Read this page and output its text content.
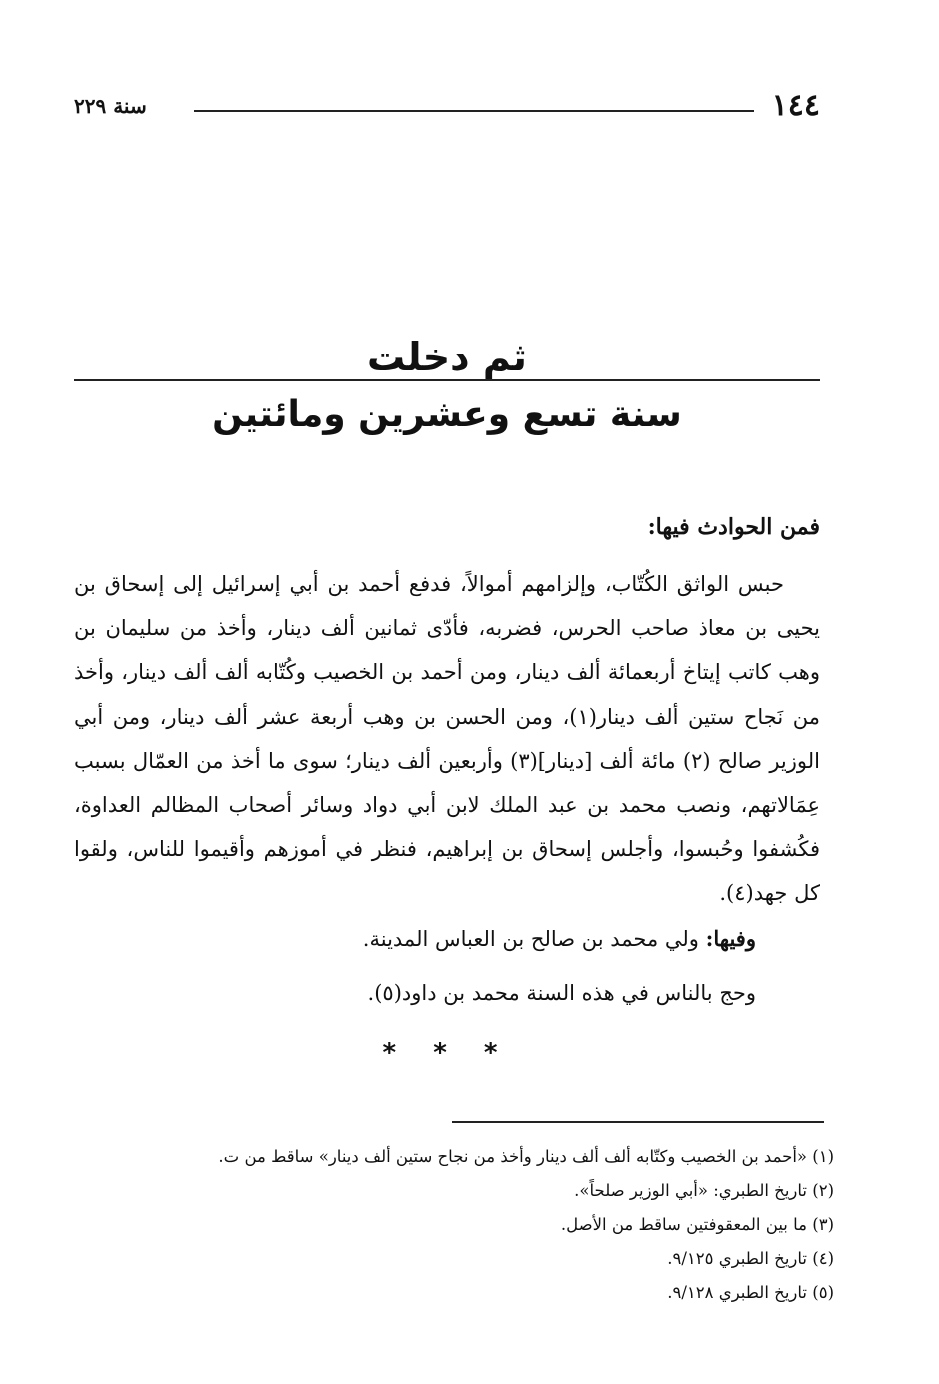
١٤٤
سنة ٢٢٩
ثم دخلت
سنة تسع وعشرين ومائتين
فمن الحوادث فيها:
حبس الواثق الكُتّاب، وإلزامهم أموالاً، فدفع أحمد بن أبي إسرائيل إلى إسحاق بن يحيى بن معاذ صاحب الحرس، فضربه، فأدّى ثمانين ألف دينار، وأخذ من سليمان بن وهب كاتب إيتاخ أربعمائة ألف دينار، ومن أحمد بن الخصيب وكُتّابه ألف ألف دينار، وأخذ من نَجاح ستين ألف دينار(١)، ومن الحسن بن وهب أربعة عشر ألف دينار، ومن أبي الوزير صالح (٢) مائة ألف [دينار](٣) وأربعين ألف دينار؛ سوى ما أخذ من العمّال بسبب عِمَالاتهم، ونصب محمد بن عبد الملك لابن أبي دواد وسائر أصحاب المظالم العداوة، فكُشفوا وحُبسوا، وأجلس إسحاق بن إبراهيم، فنظر في أموزهم وأقيموا للناس، ولقوا كل جهد(٤).
وفيها: ولي محمد بن صالح بن العباس المدينة.
وحج بالناس في هذه السنة محمد بن داود(٥).
* * *
(١) «أحمد بن الخصيب وكتّابه ألف ألف دينار وأخذ من نجاح ستين ألف دينار» ساقط من ت.
(٢) تاريخ الطبري: «أبي الوزير صلحاً».
(٣) ما بين المعقوفتين ساقط من الأصل.
(٤) تاريخ الطبري ٩/١٢٥.
(٥) تاريخ الطبري ٩/١٢٨.
